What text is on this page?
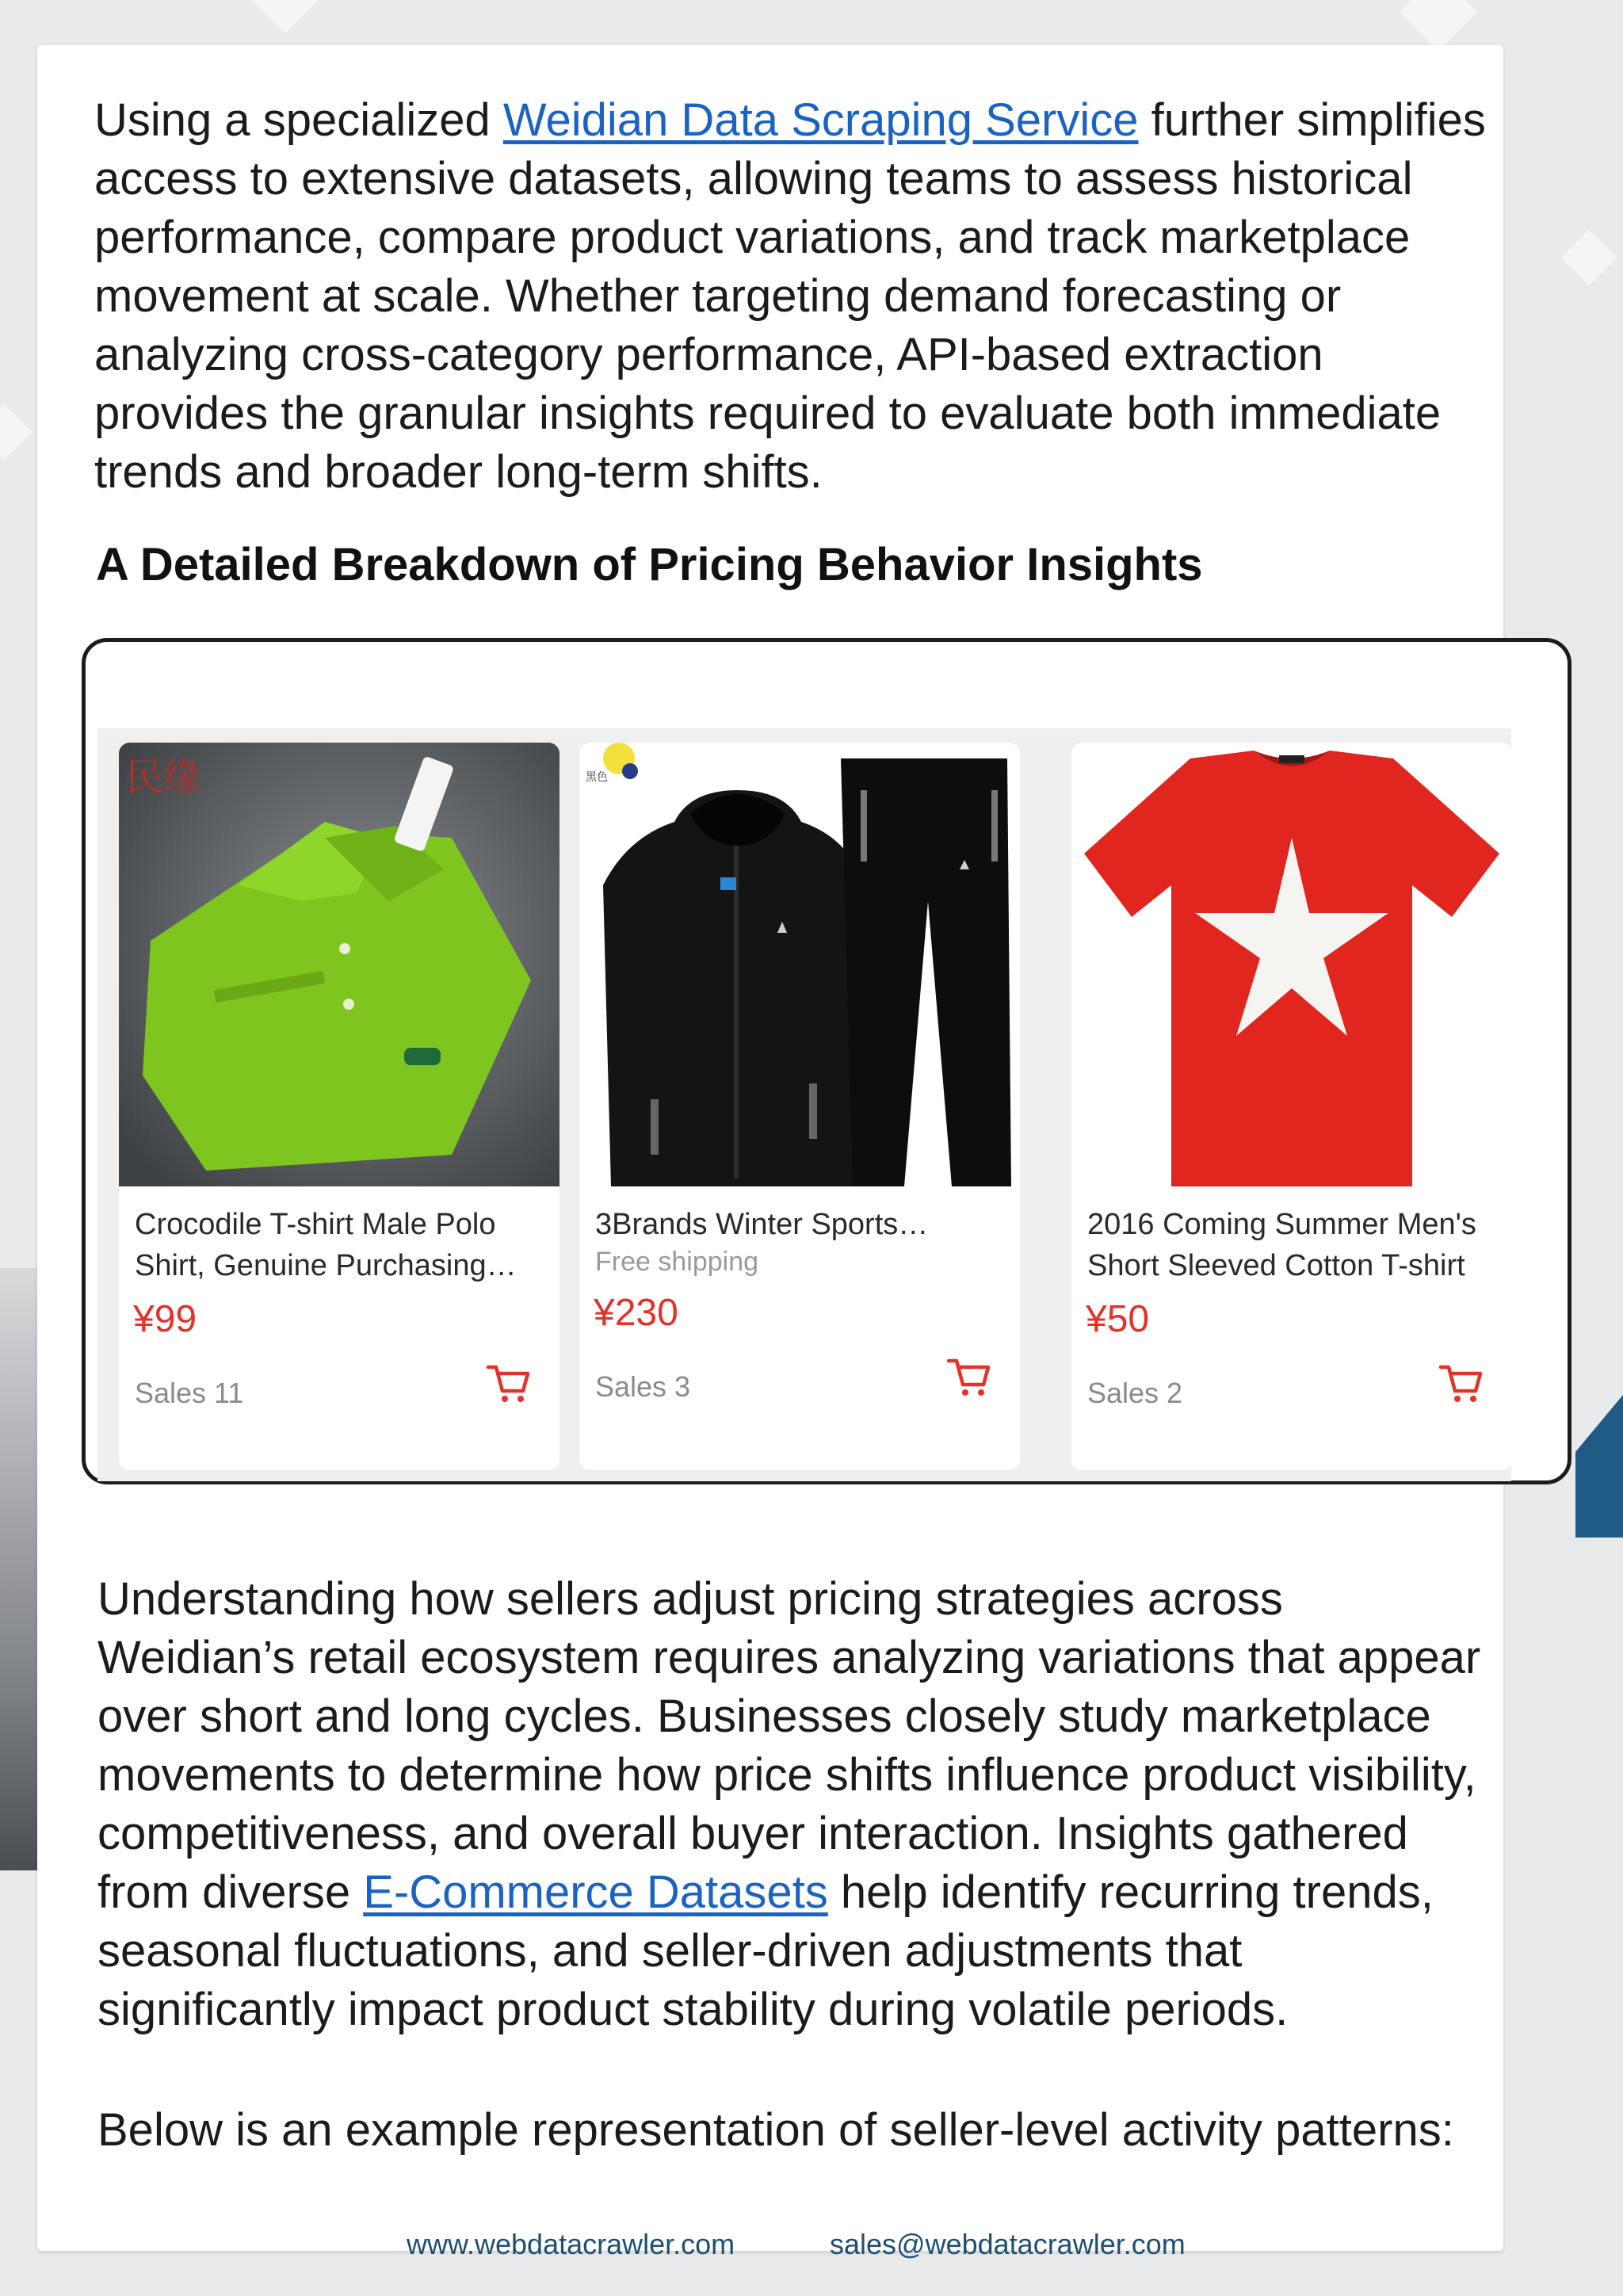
Using a specialized Weidian Data Scraping Service further simplifies access to extensive datasets, allowing teams to assess historical performance, compare product variations, and track marketplace movement at scale. Whether targeting demand forecasting or analyzing cross-category performance, API-based extraction provides the granular insights required to evaluate both immediate trends and broader long-term shifts.

A Detailed Breakdown of Pricing Behavior Insights
民缘

Crocodile T-shirt Male Polo Shirt, Genuine Purchasing

¥99
Sales 11
黑色

3Brands Winter Sports

Free shipping
¥230
Sales 3

2016 Coming Summer Men's Short Sleeved Cotton T-shirt

¥50
Sales 2

Understanding how sellers adjust pricing strategies across Weidian’s retail ecosystem requires analyzing variations that appear over short and long cycles. Businesses closely study marketplace movements to determine how price shifts influence product visibility, competitiveness, and overall buyer interaction. Insights gathered from diverse E-Commerce Datasets help identify recurring trends, seasonal fluctuations, and seller-driven adjustments that significantly impact product stability during volatile periods.

Below is an example representation of seller-level activity patterns:

www.webdatacrawler.com	sales@webdatacrawler.com
